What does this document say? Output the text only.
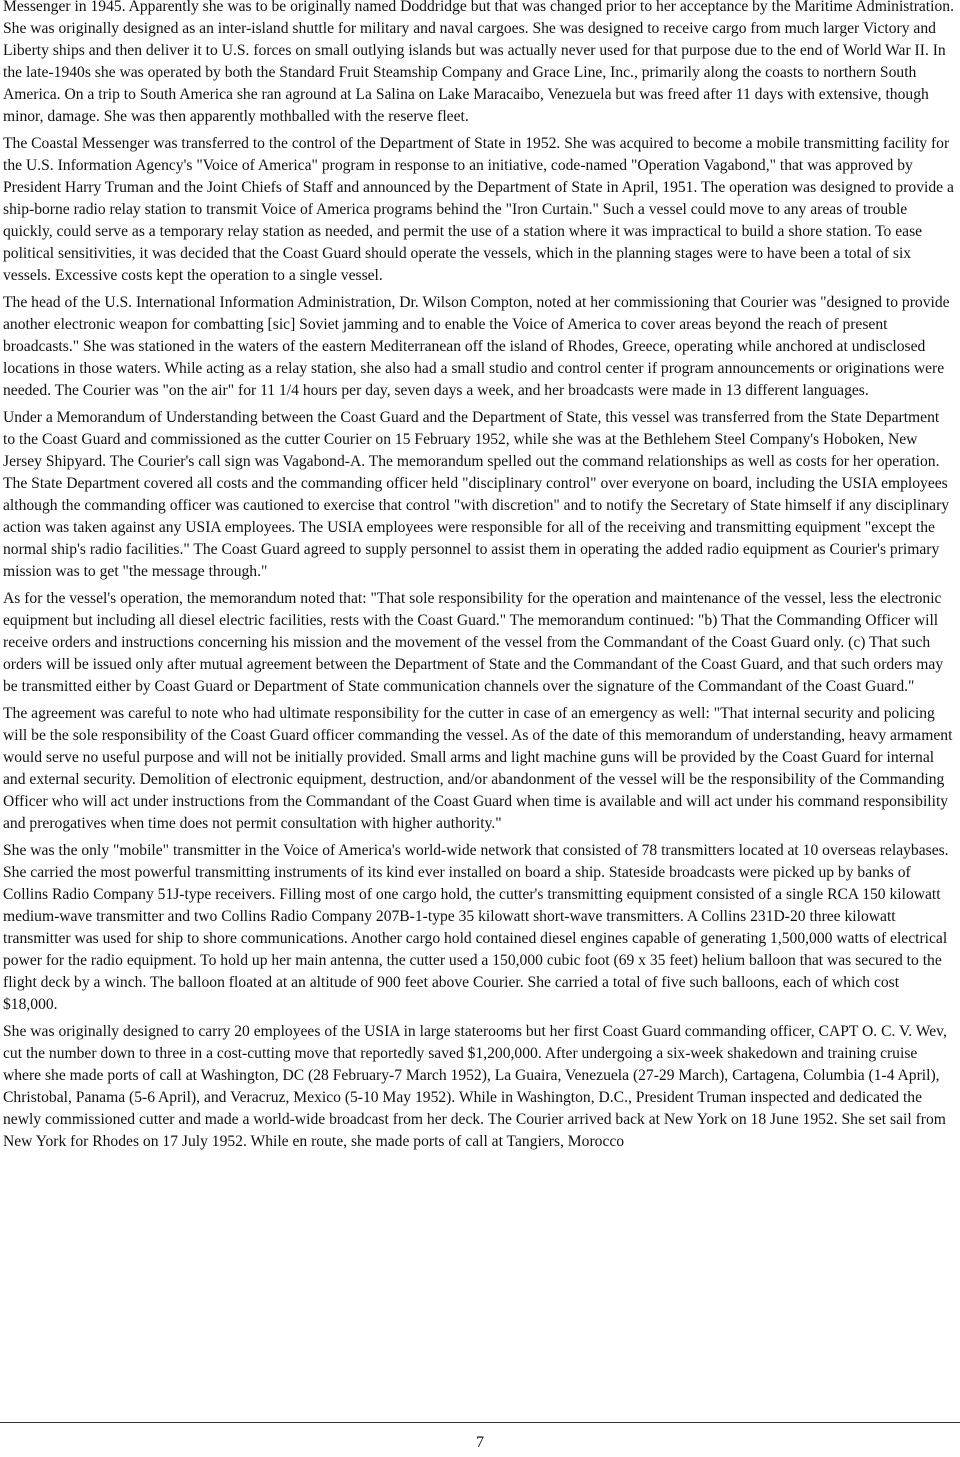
Messenger in 1945. Apparently she was to be originally named Doddridge but that was changed prior to her acceptance by the Maritime Administration. She was originally designed as an inter-island shuttle for military and naval cargoes. She was designed to receive cargo from much larger Victory and Liberty ships and then deliver it to U.S. forces on small outlying islands but was actually never used for that purpose due to the end of World War II. In the late-1940s she was operated by both the Standard Fruit Steamship Company and Grace Line, Inc., primarily along the coasts to northern South America. On a trip to South America she ran aground at La Salina on Lake Maracaibo, Venezuela but was freed after 11 days with extensive, though minor, damage. She was then apparently mothballed with the reserve fleet.

The Coastal Messenger was transferred to the control of the Department of State in 1952. She was acquired to become a mobile transmitting facility for the U.S. Information Agency's "Voice of America" program in response to an initiative, code-named "Operation Vagabond," that was approved by President Harry Truman and the Joint Chiefs of Staff and announced by the Department of State in April, 1951. The operation was designed to provide a ship-borne radio relay station to transmit Voice of America programs behind the "Iron Curtain." Such a vessel could move to any areas of trouble quickly, could serve as a temporary relay station as needed, and permit the use of a station where it was impractical to build a shore station. To ease political sensitivities, it was decided that the Coast Guard should operate the vessels, which in the planning stages were to have been a total of six vessels. Excessive costs kept the operation to a single vessel.

The head of the U.S. International Information Administration, Dr. Wilson Compton, noted at her commissioning that Courier was "designed to provide another electronic weapon for combatting [sic] Soviet jamming and to enable the Voice of America to cover areas beyond the reach of present broadcasts." She was stationed in the waters of the eastern Mediterranean off the island of Rhodes, Greece, operating while anchored at undisclosed locations in those waters. While acting as a relay station, she also had a small studio and control center if program announcements or originations were needed. The Courier was "on the air" for 11 1/4 hours per day, seven days a week, and her broadcasts were made in 13 different languages.

Under a Memorandum of Understanding between the Coast Guard and the Department of State, this vessel was transferred from the State Department to the Coast Guard and commissioned as the cutter Courier on 15 February 1952, while she was at the Bethlehem Steel Company's Hoboken, New Jersey Shipyard. The Courier's call sign was Vagabond-A. The memorandum spelled out the command relationships as well as costs for her operation. The State Department covered all costs and the commanding officer held "disciplinary control" over everyone on board, including the USIA employees although the commanding officer was cautioned to exercise that control "with discretion" and to notify the Secretary of State himself if any disciplinary action was taken against any USIA employees. The USIA employees were responsible for all of the receiving and transmitting equipment "except the normal ship's radio facilities." The Coast Guard agreed to supply personnel to assist them in operating the added radio equipment as Courier's primary mission was to get "the message through."

As for the vessel's operation, the memorandum noted that: "That sole responsibility for the operation and maintenance of the vessel, less the electronic equipment but including all diesel electric facilities, rests with the Coast Guard." The memorandum continued: "b) That the Commanding Officer will receive orders and instructions concerning his mission and the movement of the vessel from the Commandant of the Coast Guard only. (c) That such orders will be issued only after mutual agreement between the Department of State and the Commandant of the Coast Guard, and that such orders may be transmitted either by Coast Guard or Department of State communication channels over the signature of the Commandant of the Coast Guard."

The agreement was careful to note who had ultimate responsibility for the cutter in case of an emergency as well: "That internal security and policing will be the sole responsibility of the Coast Guard officer commanding the vessel. As of the date of this memorandum of understanding, heavy armament would serve no useful purpose and will not be initially provided. Small arms and light machine guns will be provided by the Coast Guard for internal and external security. Demolition of electronic equipment, destruction, and/or abandonment of the vessel will be the responsibility of the Commanding Officer who will act under instructions from the Commandant of the Coast Guard when time is available and will act under his command responsibility and prerogatives when time does not permit consultation with higher authority."

She was the only "mobile" transmitter in the Voice of America's world-wide network that consisted of 78 transmitters located at 10 overseas relaybases. She carried the most powerful transmitting instruments of its kind ever installed on board a ship. Stateside broadcasts were picked up by banks of Collins Radio Company 51J-type receivers. Filling most of one cargo hold, the cutter's transmitting equipment consisted of a single RCA 150 kilowatt medium-wave transmitter and two Collins Radio Company 207B-1-type 35 kilowatt short-wave transmitters. A Collins 231D-20 three kilowatt transmitter was used for ship to shore communications. Another cargo hold contained diesel engines capable of generating 1,500,000 watts of electrical power for the radio equipment. To hold up her main antenna, the cutter used a 150,000 cubic foot (69 x 35 feet) helium balloon that was secured to the flight deck by a winch. The balloon floated at an altitude of 900 feet above Courier. She carried a total of five such balloons, each of which cost $18,000.

She was originally designed to carry 20 employees of the USIA in large staterooms but her first Coast Guard commanding officer, CAPT O. C. V. Wev, cut the number down to three in a cost-cutting move that reportedly saved $1,200,000. After undergoing a six-week shakedown and training cruise where she made ports of call at Washington, DC (28 February-7 March 1952), La Guaira, Venezuela (27-29 March), Cartagena, Columbia (1-4 April), Christobal, Panama (5-6 April), and Veracruz, Mexico (5-10 May 1952). While in Washington, D.C., President Truman inspected and dedicated the newly commissioned cutter and made a world-wide broadcast from her deck. The Courier arrived back at New York on 18 June 1952. She set sail from New York for Rhodes on 17 July 1952. While en route, she made ports of call at Tangiers, Morocco

7
